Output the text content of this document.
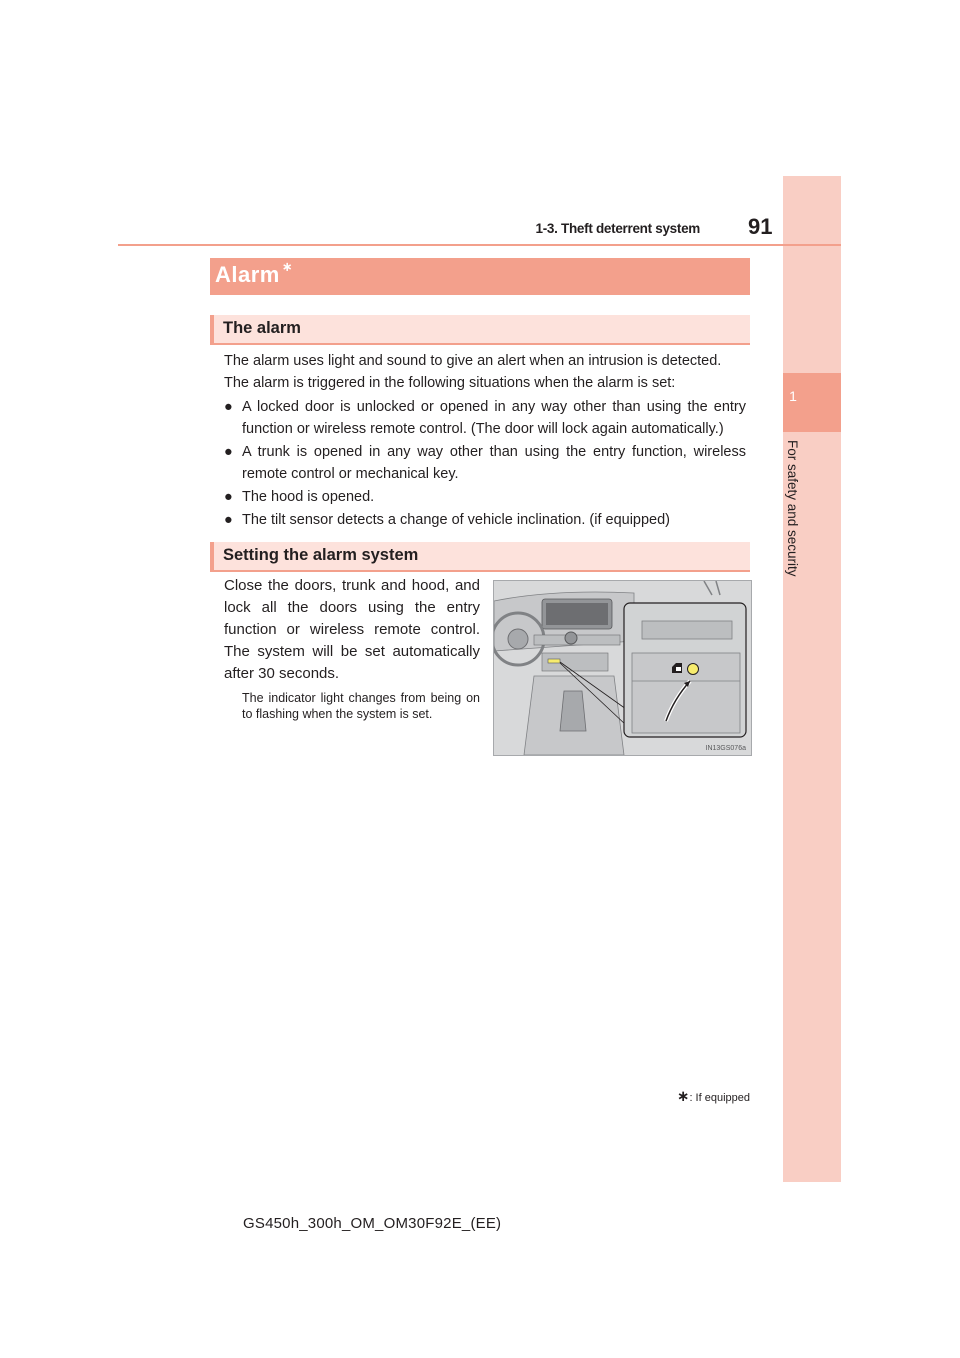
1
For safety and security
1-3. Theft deterrent system 91
Alarm ∗
The alarm
The alarm uses light and sound to give an alert when an intrusion is detected.
The alarm is triggered in the following situations when the alarm is set:
● A locked door is unlocked or opened in any way other than using the entry function or wireless remote control. (The door will lock again automatically.)
● A trunk is opened in any way other than using the entry function, wireless remote control or mechanical key.
● The hood is opened.
● The tilt sensor detects a change of vehicle inclination. (if equipped)
Setting the alarm system
Close the doors, trunk and hood, and lock all the doors using the entry function or wireless remote control. The system will be set automatically after 30 seconds.
The indicator light changes from being on to flashing when the system is set.
IN13GS076a
∗: If equipped
GS450h_300h_OM_OM30F92E_(EE)
